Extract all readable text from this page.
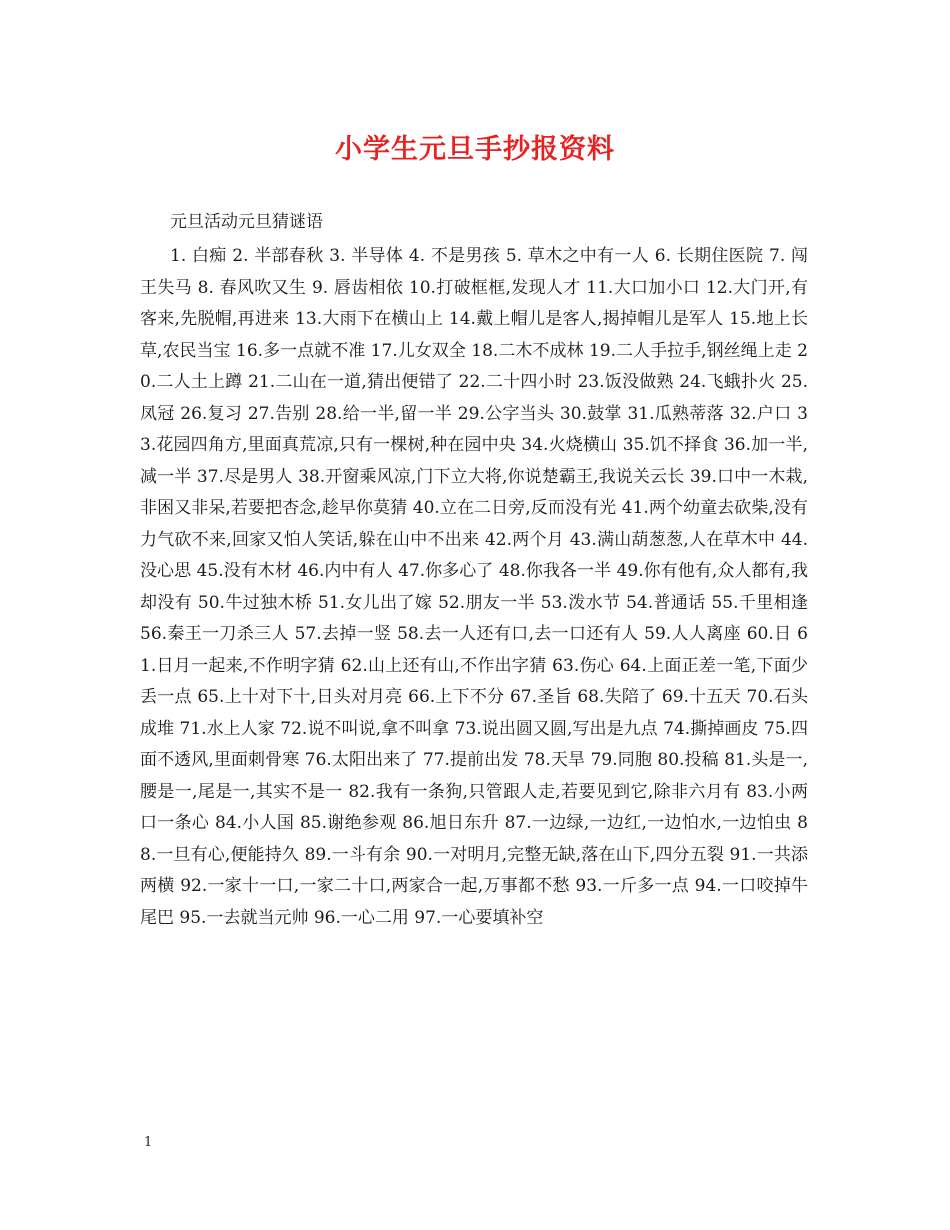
小学生元旦手抄报资料
元旦活动元旦猜谜语
1. 白痴 2. 半部春秋 3. 半导体 4. 不是男孩 5. 草木之中有一人 6. 长期住医院 7. 闯王失马 8. 春风吹又生 9. 唇齿相依 10.打破框框,发现人才 11.大口加小口 12.大门开,有客来,先脱帽,再进来 13.大雨下在横山上 14.戴上帽儿是客人,揭掉帽儿是军人 15.地上长草,农民当宝 16.多一点就不准 17.儿女双全 18.二木不成林 19.二人手拉手,钢丝绳上走 20.二人土上蹲 21.二山在一道,猜出便错了 22.二十四小时 23.饭没做熟 24.飞蛾扑火 25.凤冠 26.复习 27.告别 28.给一半,留一半 29.公字当头 30.鼓掌 31.瓜熟蒂落 32.户口 33.花园四角方,里面真荒凉,只有一棵树,种在园中央 34.火烧横山 35.饥不择食 36.加一半,减一半 37.尽是男人 38.开窗乘风凉,门下立大将,你说楚霸王,我说关云长 39.口中一木栽,非困又非呆,若要把杏念,趁早你莫猜 40.立在二日旁,反而没有光 41.两个幼童去砍柴,没有力气砍不来,回家又怕人笑话,躲在山中不出来 42.两个月 43.满山葫葱葱,人在草木中 44.没心思 45.没有木材 46.内中有人 47.你多心了 48.你我各一半 49.你有他有,众人都有,我却没有 50.牛过独木桥 51.女儿出了嫁 52.朋友一半 53.泼水节 54.普通话 55.千里相逢 56.秦王一刀杀三人 57.去掉一竖 58.去一人还有口,去一口还有人 59.人人离座 60.日 61.日月一起来,不作明字猜 62.山上还有山,不作出字猜 63.伤心 64.上面正差一笔,下面少丢一点 65.上十对下十,日头对月亮 66.上下不分 67.圣旨 68.失陪了 69.十五天 70.石头成堆 71.水上人家 72.说不叫说,拿不叫拿 73.说出圆又圆,写出是九点 74.撕掉画皮 75.四面不透风,里面刺骨寒 76.太阳出来了 77.提前出发 78.天旱 79.同胞 80.投稿 81.头是一,腰是一,尾是一,其实不是一 82.我有一条狗,只管跟人走,若要见到它,除非六月有 83.小两口一条心 84.小人国 85.谢绝参观 86.旭日东升 87.一边绿,一边红,一边怕水,一边怕虫 88.一旦有心,便能持久 89.一斗有余 90.一对明月,完整无缺,落在山下,四分五裂 91.一共添两横 92.一家十一口,一家二十口,两家合一起,万事都不愁 93.一斤多一点 94.一口咬掉牛尾巴 95.一去就当元帅 96.一心二用 97.一心要填补空
1
